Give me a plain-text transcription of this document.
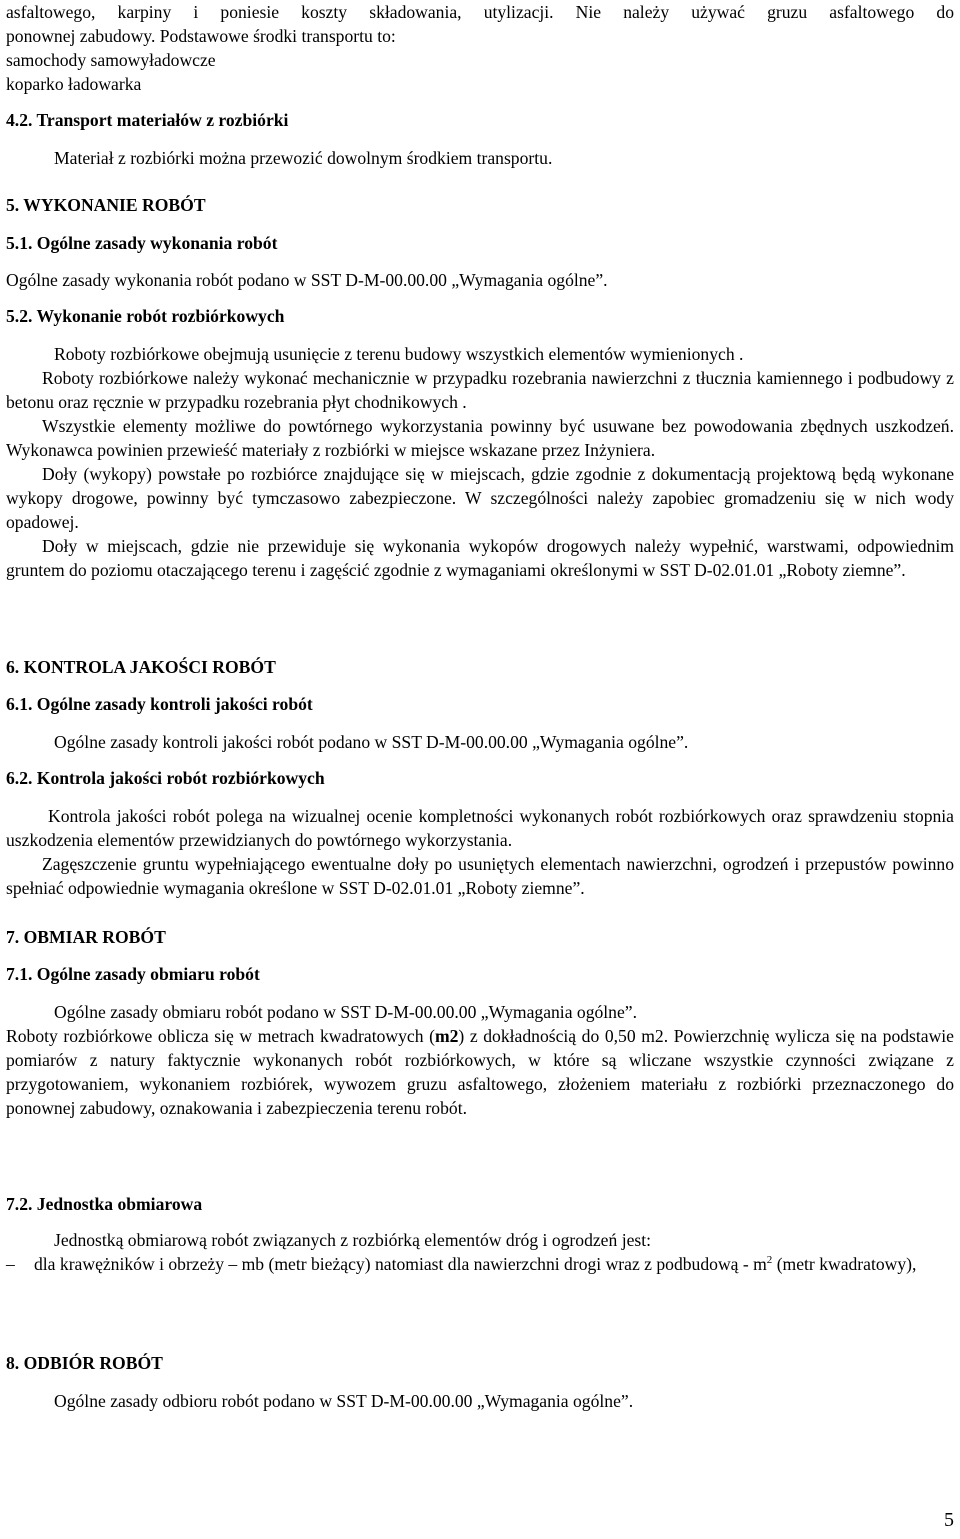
asfaltowego, karpiny i poniesie koszty składowania, utylizacji. Nie należy używać gruzu asfaltowego do

ponownej zabudowy. Podstawowe środki transportu to:

samochody samowyładowcze

koparko ładowarka

4.2. Transport materiałów z rozbiórki

Materiał z rozbiórki można przewozić dowolnym środkiem transportu.

5. WYKONANIE ROBÓT

5.1. Ogólne zasady wykonania robót

Ogólne zasady wykonania robót podano w SST D-M-00.00.00 „Wymagania ogólne”.

5.2. Wykonanie robót rozbiórkowych

Roboty rozbiórkowe obejmują usunięcie z terenu budowy wszystkich elementów wymienionych .

Roboty rozbiórkowe należy wykonać mechanicznie w przypadku rozebrania nawierzchni z tłucznia kamiennego i podbudowy z betonu oraz ręcznie w przypadku rozebrania płyt chodnikowych .

Wszystkie elementy możliwe do powtórnego wykorzystania powinny być usuwane bez powodowania zbędnych uszkodzeń. Wykonawca powinien przewieść materiały z rozbiórki w miejsce wskazane przez Inżyniera.

Doły (wykopy) powstałe po rozbiórce znajdujące się w miejscach, gdzie zgodnie z dokumentacją projektową będą wykonane wykopy drogowe, powinny być tymczasowo zabezpieczone. W szczególności należy zapobiec gromadzeniu się w nich wody opadowej.

Doły w miejscach, gdzie nie przewiduje się wykonania wykopów drogowych należy wypełnić, warstwami, odpowiednim gruntem do poziomu otaczającego terenu i zagęścić zgodnie z wymaganiami określonymi w SST D-02.01.01 „Roboty ziemne”.

6. KONTROLA JAKOŚCI ROBÓT

6.1. Ogólne zasady kontroli jakości robót

Ogólne zasady kontroli jakości robót podano w SST D-M-00.00.00 „Wymagania ogólne”.

6.2. Kontrola jakości robót rozbiórkowych

Kontrola jakości robót polega na wizualnej ocenie kompletności wykonanych robót rozbiórkowych oraz sprawdzeniu stopnia uszkodzenia elementów przewidzianych do powtórnego wykorzystania.

Zagęszczenie gruntu wypełniającego ewentualne doły po usuniętych elementach nawierzchni, ogrodzeń i przepustów powinno spełniać odpowiednie wymagania określone w SST D-02.01.01 „Roboty ziemne”.

7. OBMIAR ROBÓT

7.1. Ogólne zasady obmiaru robót

Ogólne zasady obmiaru robót podano w SST D-M-00.00.00 „Wymagania ogólne”.

Roboty rozbiórkowe oblicza się w metrach kwadratowych (m2) z dokładnością do 0,50 m2. Powierzchnię wylicza się na podstawie pomiarów z natury faktycznie wykonanych robót rozbiórkowych, w które są wliczane wszystkie czynności związane z przygotowaniem, wykonaniem rozbiórek, wywozem gruzu asfaltowego, złożeniem materiału z rozbiórki przeznaczonego do ponownej zabudowy, oznakowania i zabezpieczenia terenu robót.

7.2. Jednostka obmiarowa

Jednostką obmiarową robót związanych z rozbiórką elementów dróg i ogrodzeń jest:

–	dla krawężników i obrzeży – mb (metr bieżący) natomiast dla nawierzchni drogi wraz z podbudową - $m^2$ (metr kwadratowy),

8. ODBIÓR ROBÓT

Ogólne zasady odbioru robót podano w SST D-M-00.00.00 „Wymagania ogólne”.

5
